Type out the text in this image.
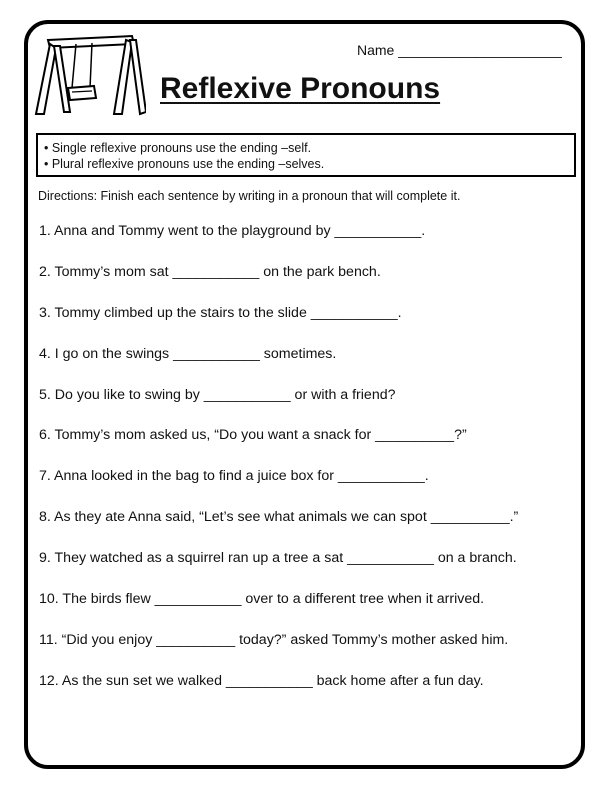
Name _____________________
Reflexive Pronouns
• Single reflexive pronouns use the ending –self.
• Plural reflexive pronouns use the ending –selves.
Directions: Finish each sentence by writing in a pronoun that will complete it.
1. Anna and Tommy went to the playground by ___________.
2. Tommy’s mom sat ___________ on the park bench.
3. Tommy climbed up the stairs to the slide ___________.
4. I go on the swings ___________ sometimes.
5. Do you like to swing by ___________ or with a friend?
6. Tommy’s mom asked us, “Do you want a snack for __________?”
7. Anna looked in the bag to find a juice box for ___________.
8. As they ate Anna said, “Let’s see what animals we can spot __________.”
9. They watched as a squirrel ran up a tree a sat ___________ on a branch.
10. The birds flew ___________ over to a different tree when it arrived.
11. “Did you enjoy __________ today?” asked Tommy’s mother asked him.
12. As the sun set we walked ___________ back home after a fun day.
